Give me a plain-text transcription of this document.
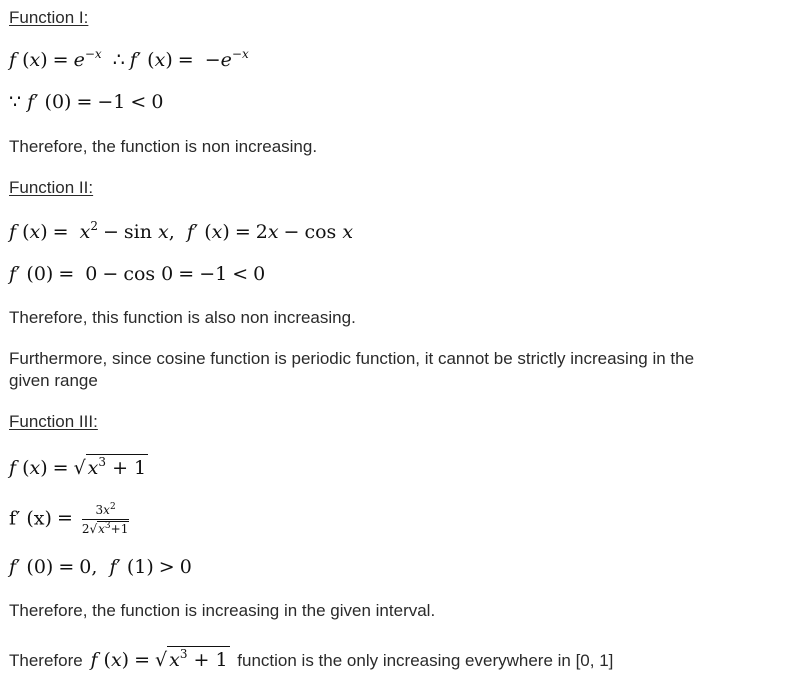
Function I:
f $(x) = e^{-x}$ ∴ f′ $(x) = -e^{-x}$
∵ f′ (0) = −1 < 0
Therefore, the function is non increasing.
Function II:
f $(x) = x^2 - \sin x$,  f′ (x) = 2x − cos x
f′ (0) = 0 − cos 0 = −1 < 0
Therefore, this function is also non increasing.
Furthermore, since cosine function is periodic function, it cannot be strictly increasing in the
given range
Function III:
f (x) = √ $x^3 + 1$
f′ $(x) = \frac{3x^2}{2√x^3+1}$
f′ (0) = 0,  f′ (1) > 0
Therefore, the function is increasing in the given interval.
Therefore f (x) = √ $x^3 + 1$ function is the only increasing everywhere in [0, 1]
